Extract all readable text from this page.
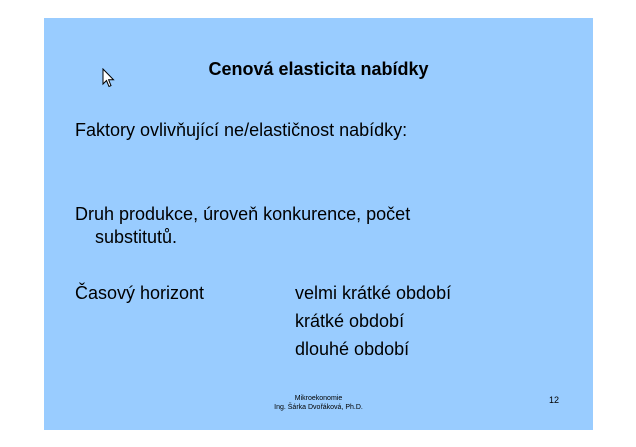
Cenová elasticita nabídky
Faktory ovlivňující ne/elastičnost nabídky:
Druh produkce, úroveň konkurence, počet
substitutů.
Časový horizont	velmi krátké období
krátké období
dlouhé období
Mikroekonomie
Ing. Šárka Dvořáková, Ph.D.
12
